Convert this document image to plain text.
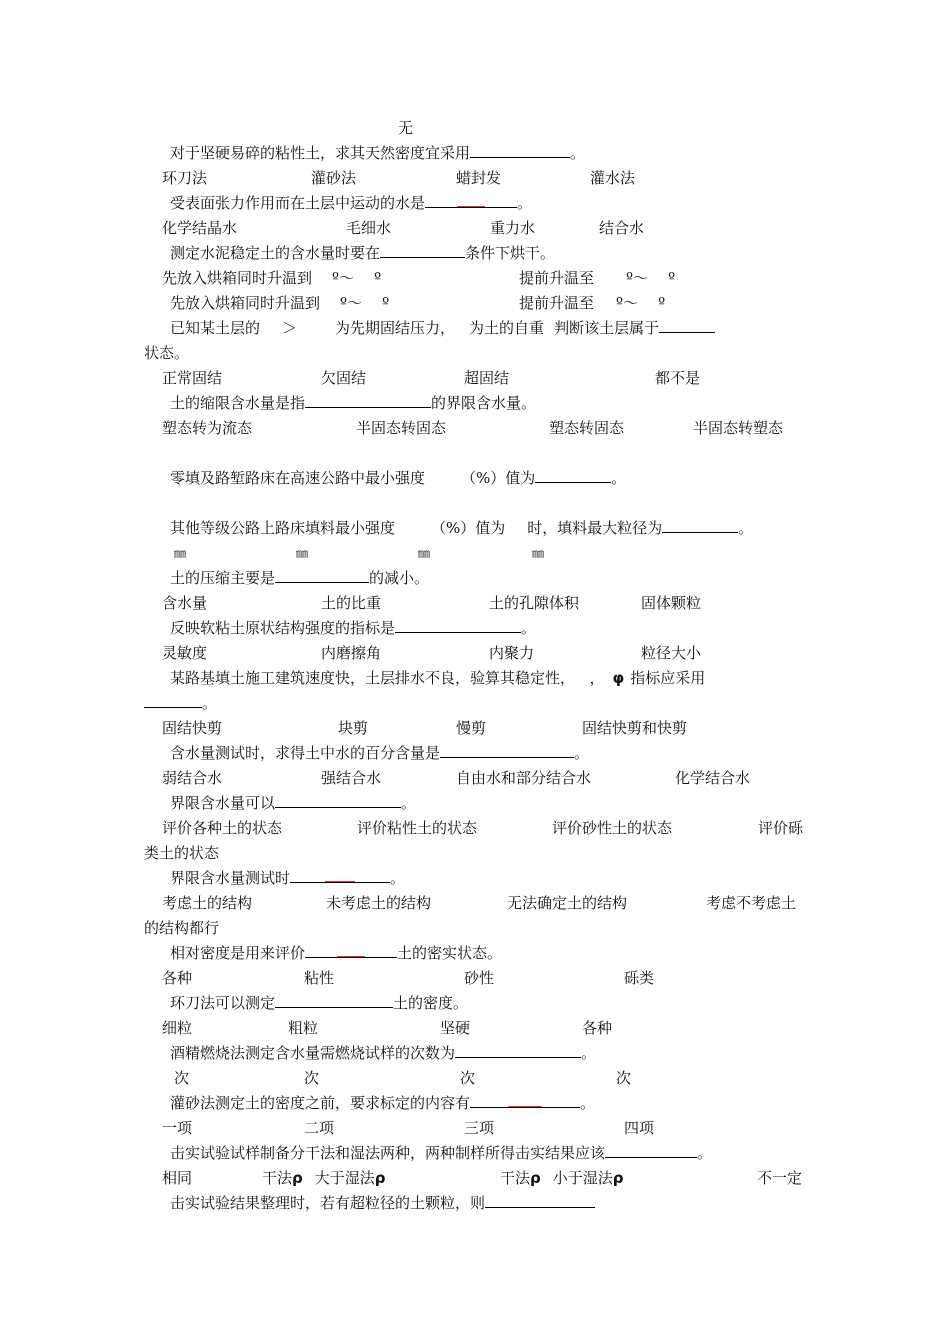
无
对于坚硬易碎的粘性土，求其天然密度宜采用	。
环刀法	灌砂法	蜡封发	灌水法
受表面张力作用而在土层中运动的水是	。
化学结晶水	毛细水	重力水	结合水
测定水泥稳定土的含水量时要在	条件下烘干。
先放入烘箱同时升温到 º～ º	提前升温至 º～ º
先放入烘箱同时升温到 º～ º	提前升温至 º～ º
已知某土层的 ＞	为先期固结压力， 为土的自重 判断该土层属于
状态。
正常固结	欠固结	超固结	都不是
土的缩限含水量是指	的界限含水量。
塑态转为流态	半固态转固态	塑态转固态	半固态转塑态
零填及路堑路床在高速公路中最小强度 （%）值为	。
其他等级公路上路床填料最小强度 （%）值为 时，填料最大粒径为	。
㎜	㎜	㎜	㎜
土的压缩主要是	的减小。
含水量	土的比重	土的孔隙体积	固体颗粒
反映软粘土原状结构强度的指标是	。
灵敏度	内磨擦角	内聚力	粒径大小
某路基填土施工建筑速度快，土层排水不良，验算其稳定性， ， φ 指标应采用
。
固结快剪	块剪	慢剪	固结快剪和快剪
含水量测试时，求得土中水的百分含量是	。
弱结合水	强结合水	自由水和部分结合水	化学结合水
界限含水量可以	。
评价各种土的状态	评价粘性土的状态	评价砂性土的状态	评价砾
类土的状态
界限含水量测试时	。
考虑土的结构	未考虑土的结构	无法确定土的结构	考虑不考虑土
的结构都行
相对密度是用来评价	土的密实状态。
各种	粘性	砂性	砾类
环刀法可以测定	土的密度。
细粒	粗粒	坚硬	各种
酒精燃烧法测定含水量需燃烧试样的次数为	。
次	次	次	次
灌砂法测定土的密度之前，要求标定的内容有	。
一项	二项	三项	四项
击实试验试样制备分干法和湿法两种，两种制样所得击实结果应该	。
相同	干法ρ 大于湿法ρ	干法ρ 小于湿法ρ	不一定
击实试验结果整理时，若有超粒径的土颗粒，则
